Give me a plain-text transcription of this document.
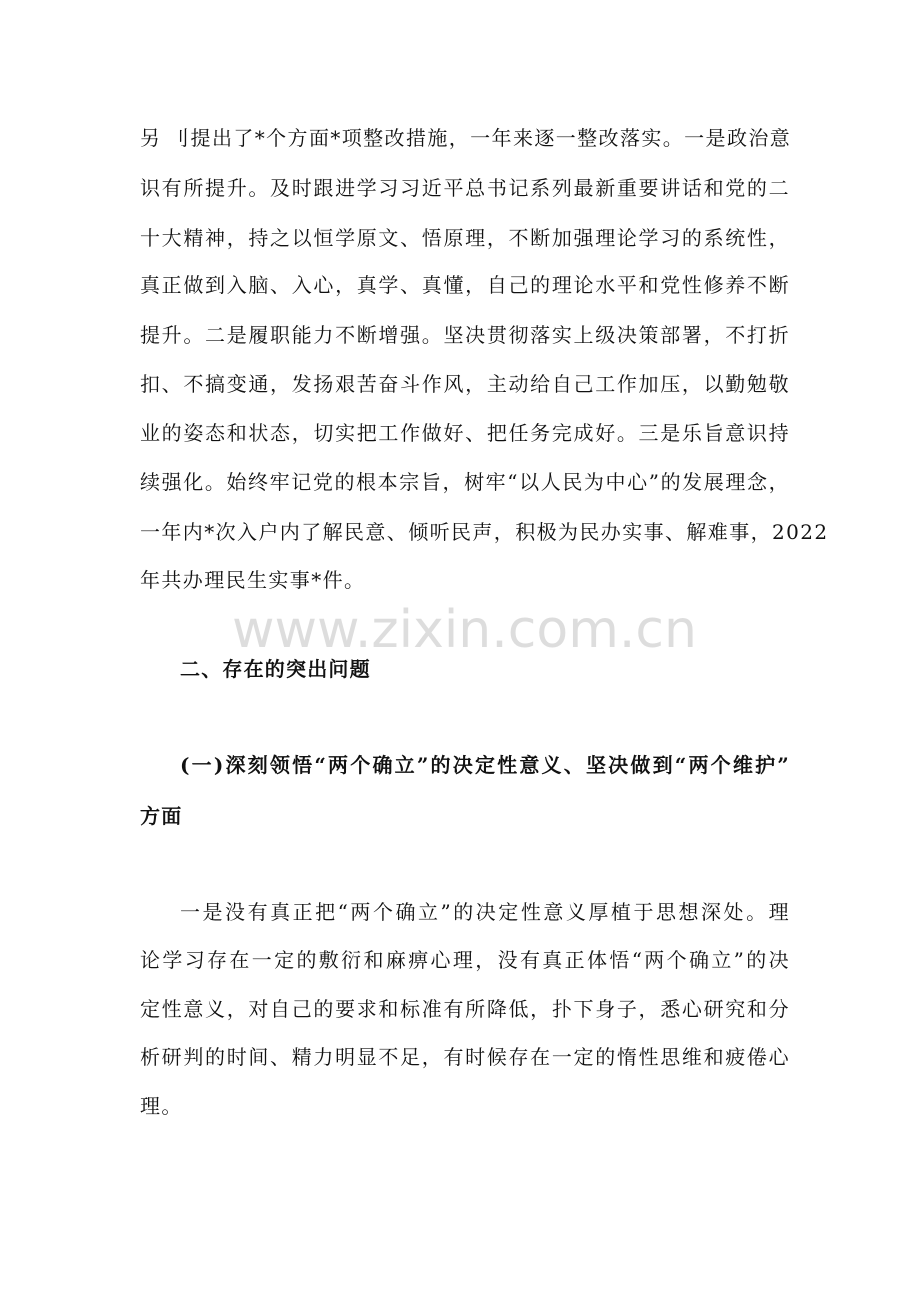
另 刂提出了*个方面*项整改措施，一年来逐一整改落实。一是政治意
识有所提升。及时跟进学习习近平总书记系列最新重要讲话和党的二
十大精神，持之以恒学原文、悟原理，不断加强理论学习的系统性，
真正做到入脑、入心，真学、真懂，自己的理论水平和党性修养不断
提升。二是履职能力不断增强。坚决贯彻落实上级决策部署，不打折
扣、不搞变通，发扬艰苦奋斗作风，主动给自己工作加压，以勤勉敬
业的姿态和状态，切实把工作做好、把任务完成好。三是乐旨意识持
续强化。始终牢记党的根本宗旨，树牢“以人民为中心”的发展理念，
一年内*次入户内了解民意、倾听民声，积极为民办实事、解难事，2022
年共办理民生实事*件。
www.zixin.com.cn
二、存在的突出问题
(一)深刻领悟“两个确立”的决定性意义、坚决做到“两个维护”
方面
一是没有真正把“两个确立”的决定性意义厚植于思想深处。理
论学习存在一定的敷衍和麻痹心理，没有真正体悟“两个确立”的决
定性意义，对自己的要求和标准有所降低，扑下身子，悉心研究和分
析研判的时间、精力明显不足，有时候存在一定的惰性思维和疲倦心
理。
